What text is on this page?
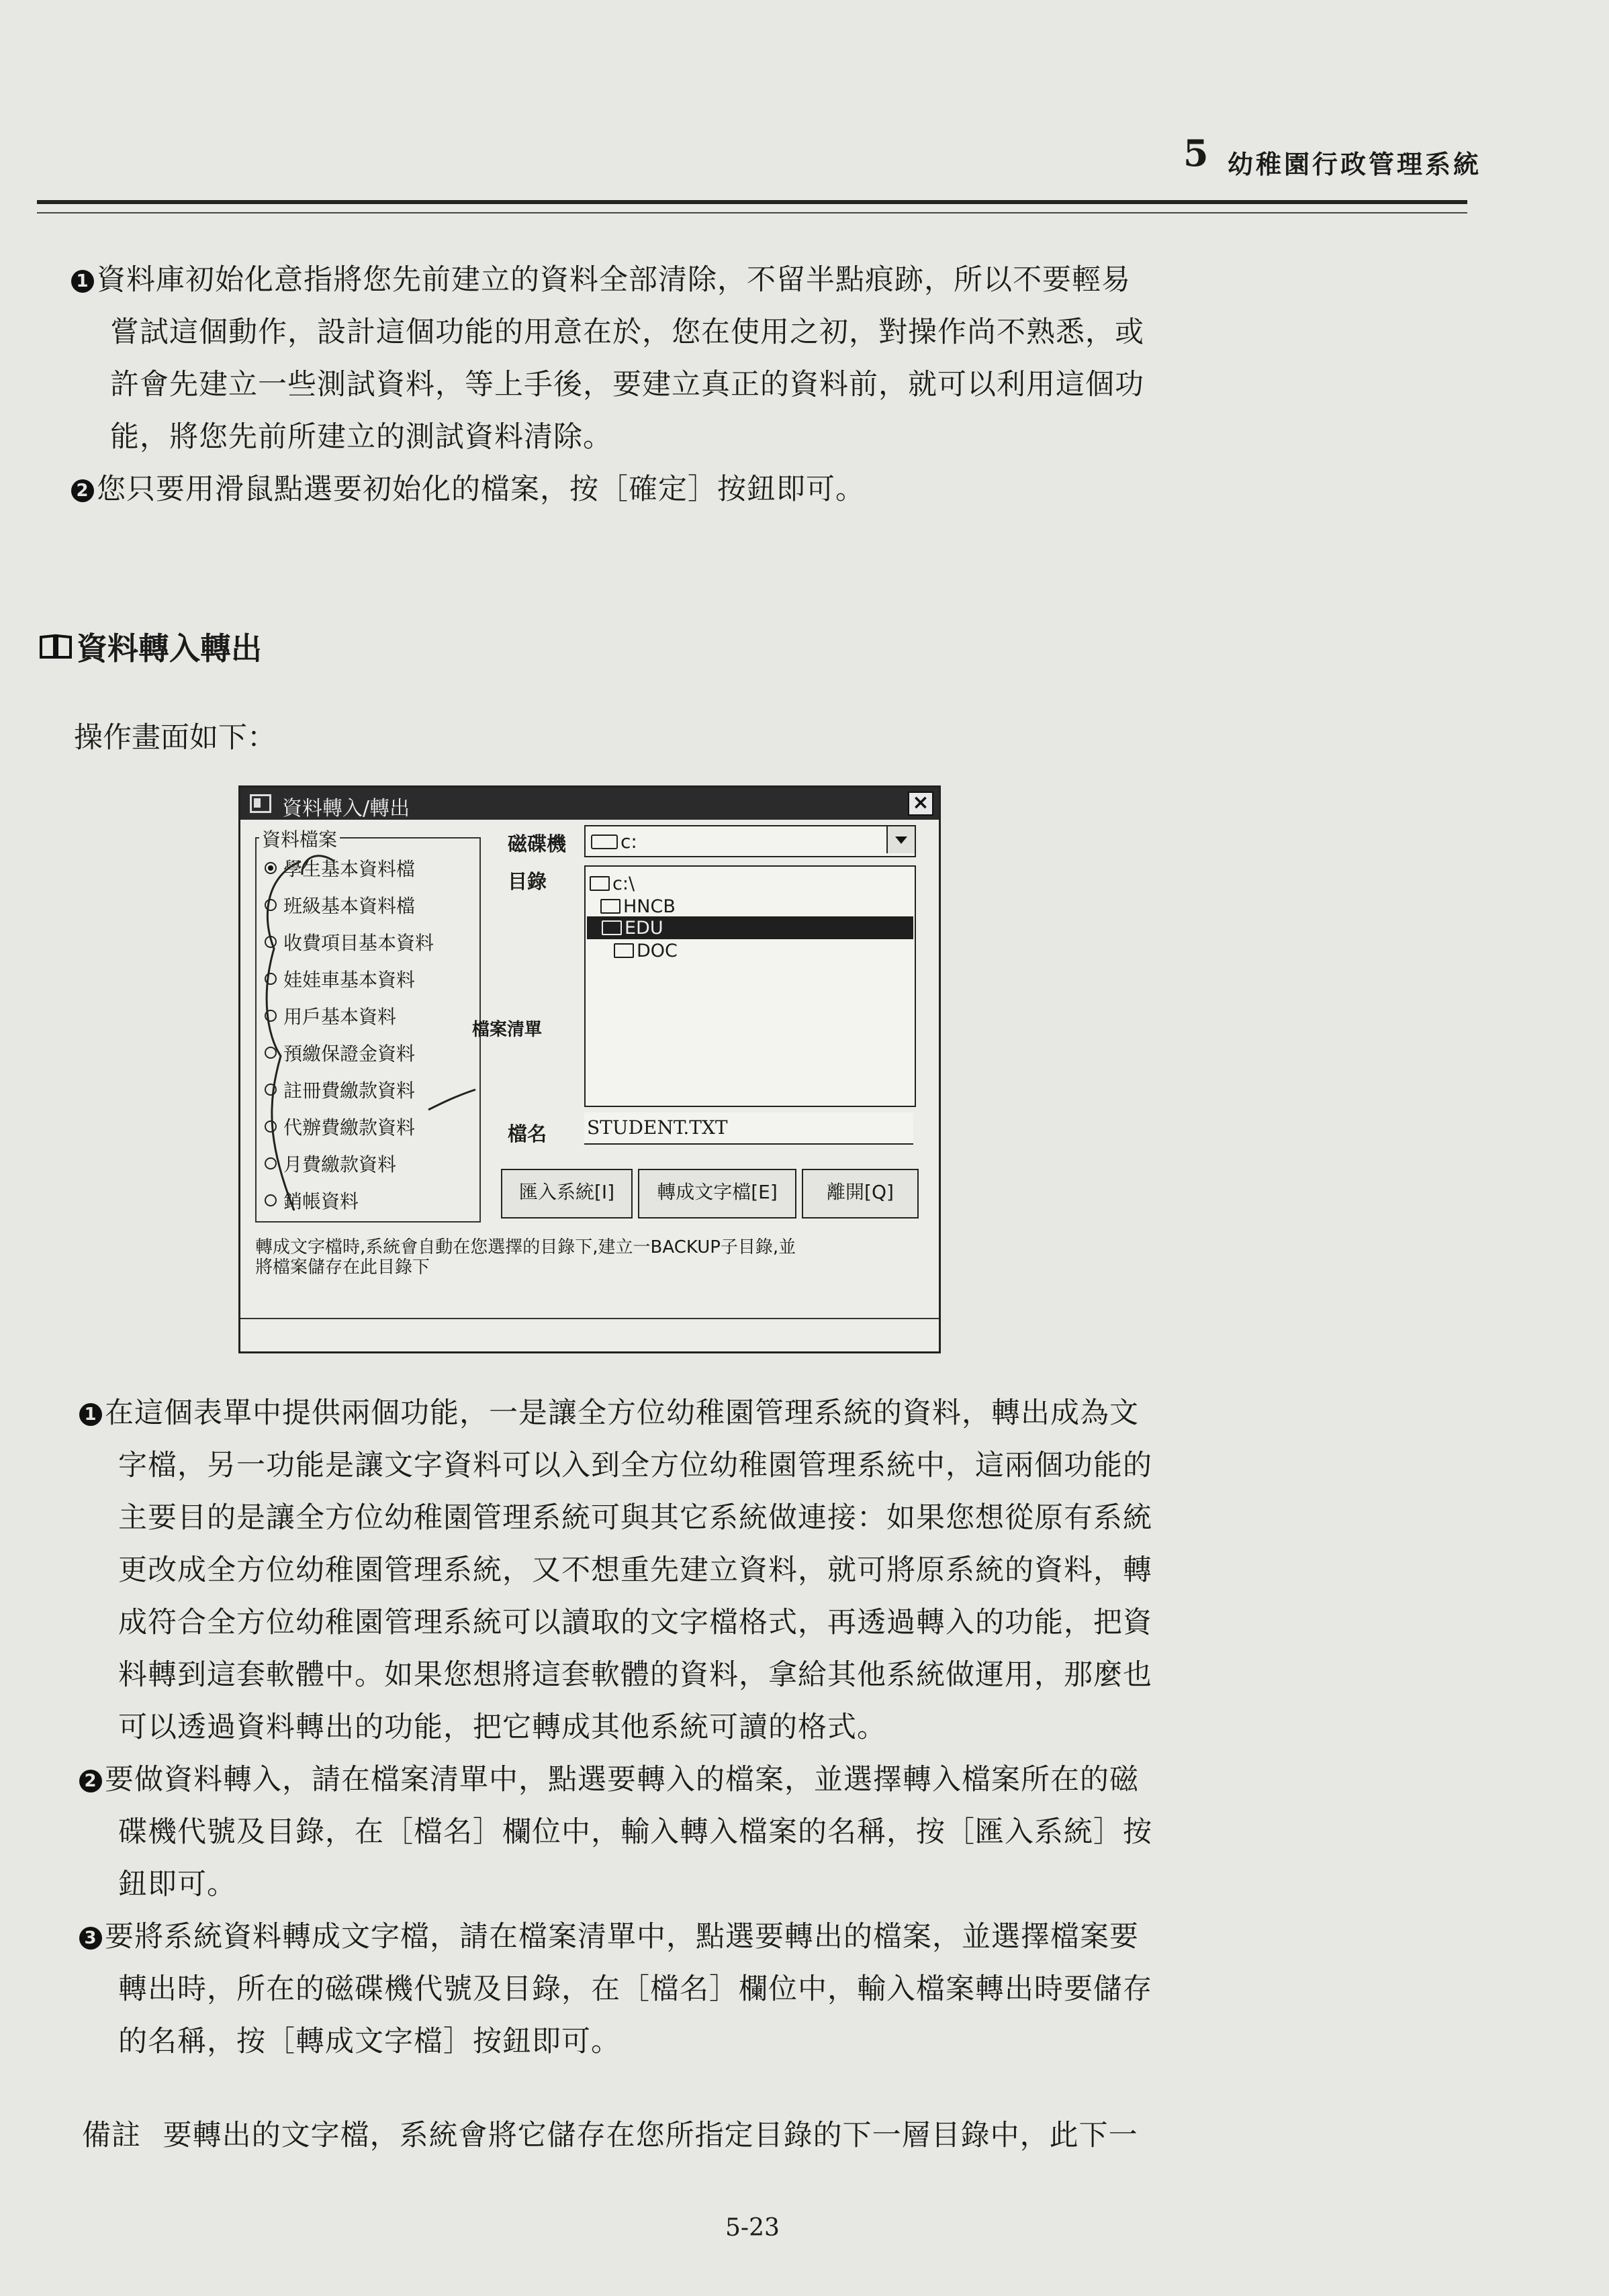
5 幼稚園行政管理系統
1 資料庫初始化意指將您先前建立的資料全部清除，不留半點痕跡，所以不要輕易
嘗試這個動作，設計這個功能的用意在於，您在使用之初，對操作尚不熟悉，或
許會先建立一些測試資料，等上手後，要建立真正的資料前，就可以利用這個功
能，將您先前所建立的測試資料清除。
2 您只要用滑鼠點選要初始化的檔案，按［確定］按鈕即可。
資料轉入轉出
操作畫面如下：
資料轉入/轉出	×
資料檔案
學生基本資料檔
班級基本資料檔
收費項目基本資料
娃娃車基本資料
用戶基本資料
預繳保證金資料
註冊費繳款資料
代辦費繳款資料
月費繳款資料
銷帳資料
檔案清單
磁碟機	c:
目錄	c:\
HNCB
EDU
DOC
檔名 STUDENT.TXT
匯入系統[I]	轉成文字檔[E]	離開[Q]
轉成文字檔時,系統會自動在您選擇的目錄下,建立一BACKUP子目錄,並
將檔案儲存在此目錄下
1 在這個表單中提供兩個功能，一是讓全方位幼稚園管理系統的資料，轉出成為文
字檔，另一功能是讓文字資料可以入到全方位幼稚園管理系統中，這兩個功能的
主要目的是讓全方位幼稚園管理系統可與其它系統做連接：如果您想從原有系統
更改成全方位幼稚園管理系統，又不想重先建立資料，就可將原系統的資料，轉
成符合全方位幼稚園管理系統可以讀取的文字檔格式，再透過轉入的功能，把資
料轉到這套軟體中。如果您想將這套軟體的資料，拿給其他系統做運用，那麼也
可以透過資料轉出的功能，把它轉成其他系統可讀的格式。
2 要做資料轉入，請在檔案清單中，點選要轉入的檔案，並選擇轉入檔案所在的磁
碟機代號及目錄，在［檔名］欄位中，輸入轉入檔案的名稱，按［匯入系統］按
鈕即可。
3 要將系統資料轉成文字檔，請在檔案清單中，點選要轉出的檔案，並選擇檔案要
轉出時，所在的磁碟機代號及目錄，在［檔名］欄位中，輸入檔案轉出時要儲存
的名稱，按［轉成文字檔］按鈕即可。
備註 要轉出的文字檔，系統會將它儲存在您所指定目錄的下一層目錄中，此下一
5-23
